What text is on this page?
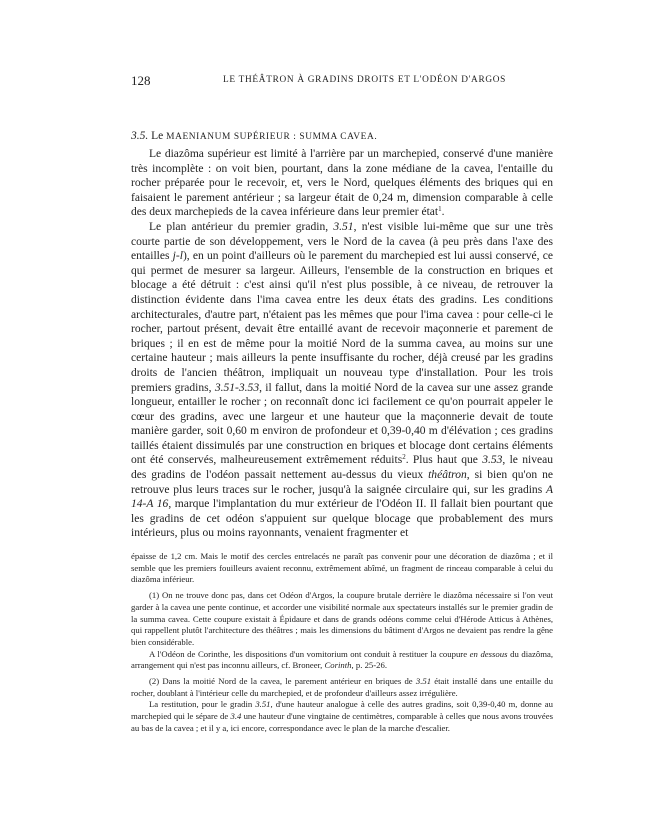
128	LE THÉÂTRON À GRADINS DROITS ET L'ODÉON D'ARGOS
3.5. Le MAENIANUM SUPÉRIEUR : SUMMA CAVEA.

Le diazôma supérieur est limité à l'arrière par un marchepied, conservé d'une manière très incomplète : on voit bien, pourtant, dans la zone médiane de la cavea, l'entaille du rocher préparée pour le recevoir, et, vers le Nord, quelques éléments des briques qui en faisaient le parement antérieur ; sa largeur était de 0,24 m, dimension comparable à celle des deux marchepieds de la cavea inférieure dans leur premier état$^1$.

Le plan antérieur du premier gradin, 3.51, n'est visible lui-même que sur une très courte partie de son développement, vers le Nord de la cavea (à peu près dans l'axe des entailles j-l), en un point d'ailleurs où le parement du marchepied est lui aussi conservé, ce qui permet de mesurer sa largeur. Ailleurs, l'ensemble de la construction en briques et blocage a été détruit : c'est ainsi qu'il n'est plus possible, à ce niveau, de retrouver la distinction évidente dans l'ima cavea entre les deux états des gradins. Les conditions architecturales, d'autre part, n'étaient pas les mêmes que pour l'ima cavea : pour celle-ci le rocher, partout présent, devait être entaillé avant de recevoir maçonnerie et parement de briques ; il en est de même pour la moitié Nord de la summa cavea, au moins sur une certaine hauteur ; mais ailleurs la pente insuffisante du rocher, déjà creusé par les gradins droits de l'ancien théâtron, impliquait un nouveau type d'installation. Pour les trois premiers gradins, 3.51-3.53, il fallut, dans la moitié Nord de la cavea sur une assez grande longueur, entailler le rocher ; on reconnaît donc ici facilement ce qu'on pourrait appeler le cœur des gradins, avec une largeur et une hauteur que la maçonnerie devait de toute manière garder, soit 0,60 m environ de profondeur et 0,39-0,40 m d'élévation ; ces gradins taillés étaient dissimulés par une construction en briques et blocage dont certains éléments ont été conservés, malheureusement extrêmement réduits$^2$. Plus haut que 3.53, le niveau des gradins de l'odéon passait nettement au-dessus du vieux théâtron, si bien qu'on ne retrouve plus leurs traces sur le rocher, jusqu'à la saignée circulaire qui, sur les gradins A 14-A 16, marque l'implantation du mur extérieur de l'Odéon II. Il fallait bien pourtant que les gradins de cet odéon s'appuient sur quelque blocage que probablement des murs intérieurs, plus ou moins rayonnants, venaient fragmenter et

épaisse de 1,2 cm. Mais le motif des cercles entrelacés ne paraît pas convenir pour une décoration de diazôma ; et il semble que les premiers fouilleurs avaient reconnu, extrêmement abîmé, un fragment de rinceau comparable à celui du diazôma inférieur.

(1) On ne trouve donc pas, dans cet Odéon d'Argos, la coupure brutale derrière le diazôma nécessaire si l'on veut garder à la cavea une pente continue, et accorder une visibilité normale aux spectateurs installés sur le premier gradin de la summa cavea. Cette coupure existait à Épidaure et dans de grands odéons comme celui d'Hérode Atticus à Athènes, qui rappellent plutôt l'architecture des théâtres ; mais les dimensions du bâtiment d'Argos ne devaient pas rendre la gêne bien considérable.

A l'Odéon de Corinthe, les dispositions d'un vomitorium ont conduit à restituer la coupure en dessous du diazôma, arrangement qui n'est pas inconnu ailleurs, cf. Broneer, Corinth, p. 25-26.

(2) Dans la moitié Nord de la cavea, le parement antérieur en briques de 3.51 était installé dans une entaille du rocher, doublant à l'intérieur celle du marchepied, et de profondeur d'ailleurs assez irrégulière.

La restitution, pour le gradin 3.51, d'une hauteur analogue à celle des autres gradins, soit 0,39-0,40 m, donne au marchepied qui le sépare de 3.4 une hauteur d'une vingtaine de centimètres, comparable à celles que nous avons trouvées au bas de la cavea ; et il y a, ici encore, correspondance avec le plan de la marche d'escalier.
